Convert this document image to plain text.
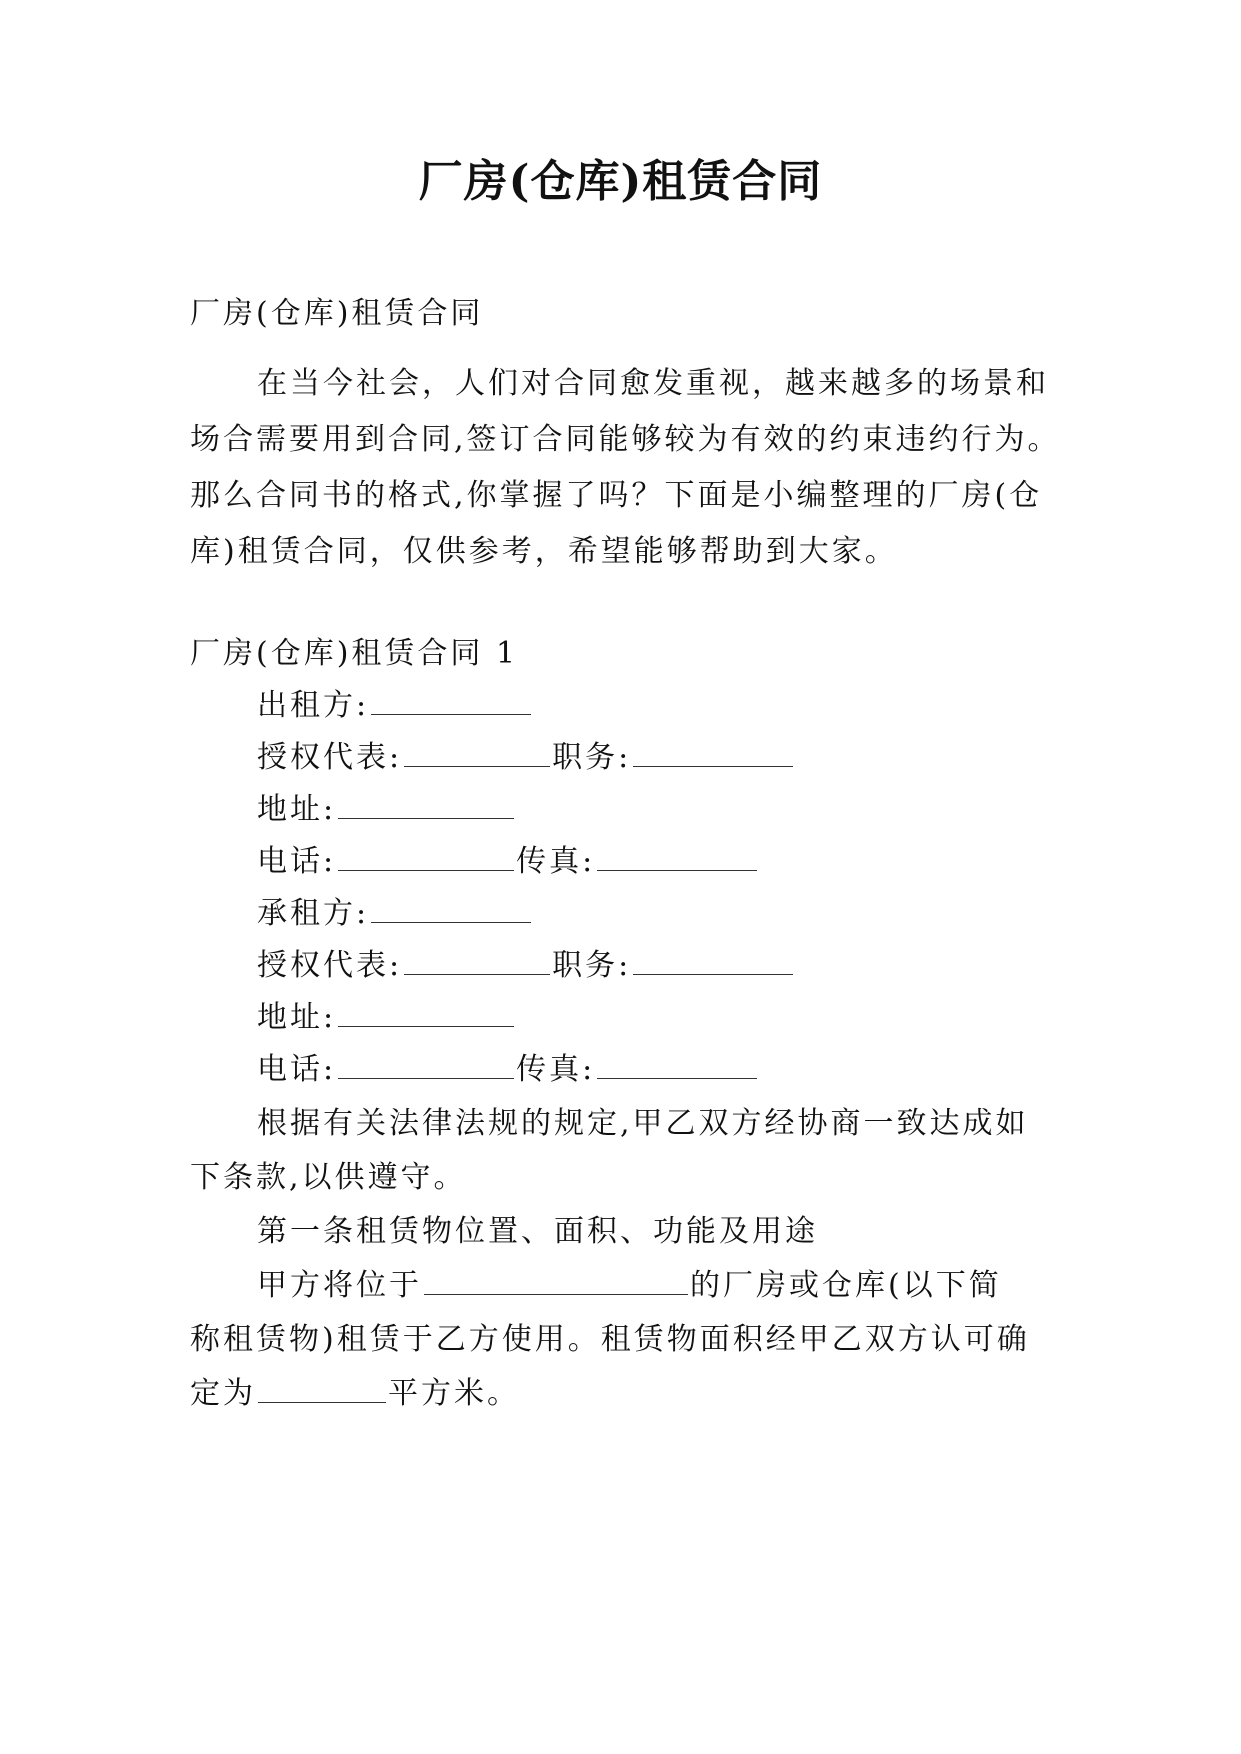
厂房(仓库)租赁合同
厂房(仓库)租赁合同
在当今社会，人们对合同愈发重视，越来越多的场景和
场合需要用到合同,签订合同能够较为有效的约束违约行为。
那么合同书的格式,你掌握了吗？下面是小编整理的厂房(仓
库)租赁合同，仅供参考，希望能够帮助到大家。
厂房(仓库)租赁合同 1
出租方:
授权代表:	职务:
地址:
电话:	传真:
承租方:
授权代表:	职务:
地址:
电话:	传真:
根据有关法律法规的规定,甲乙双方经协商一致达成如
下条款,以供遵守。
第一条租赁物位置、面积、功能及用途
甲方将位于	的厂房或仓库(以下简
称租赁物)租赁于乙方使用。租赁物面积经甲乙双方认可确
定为	平方米。
